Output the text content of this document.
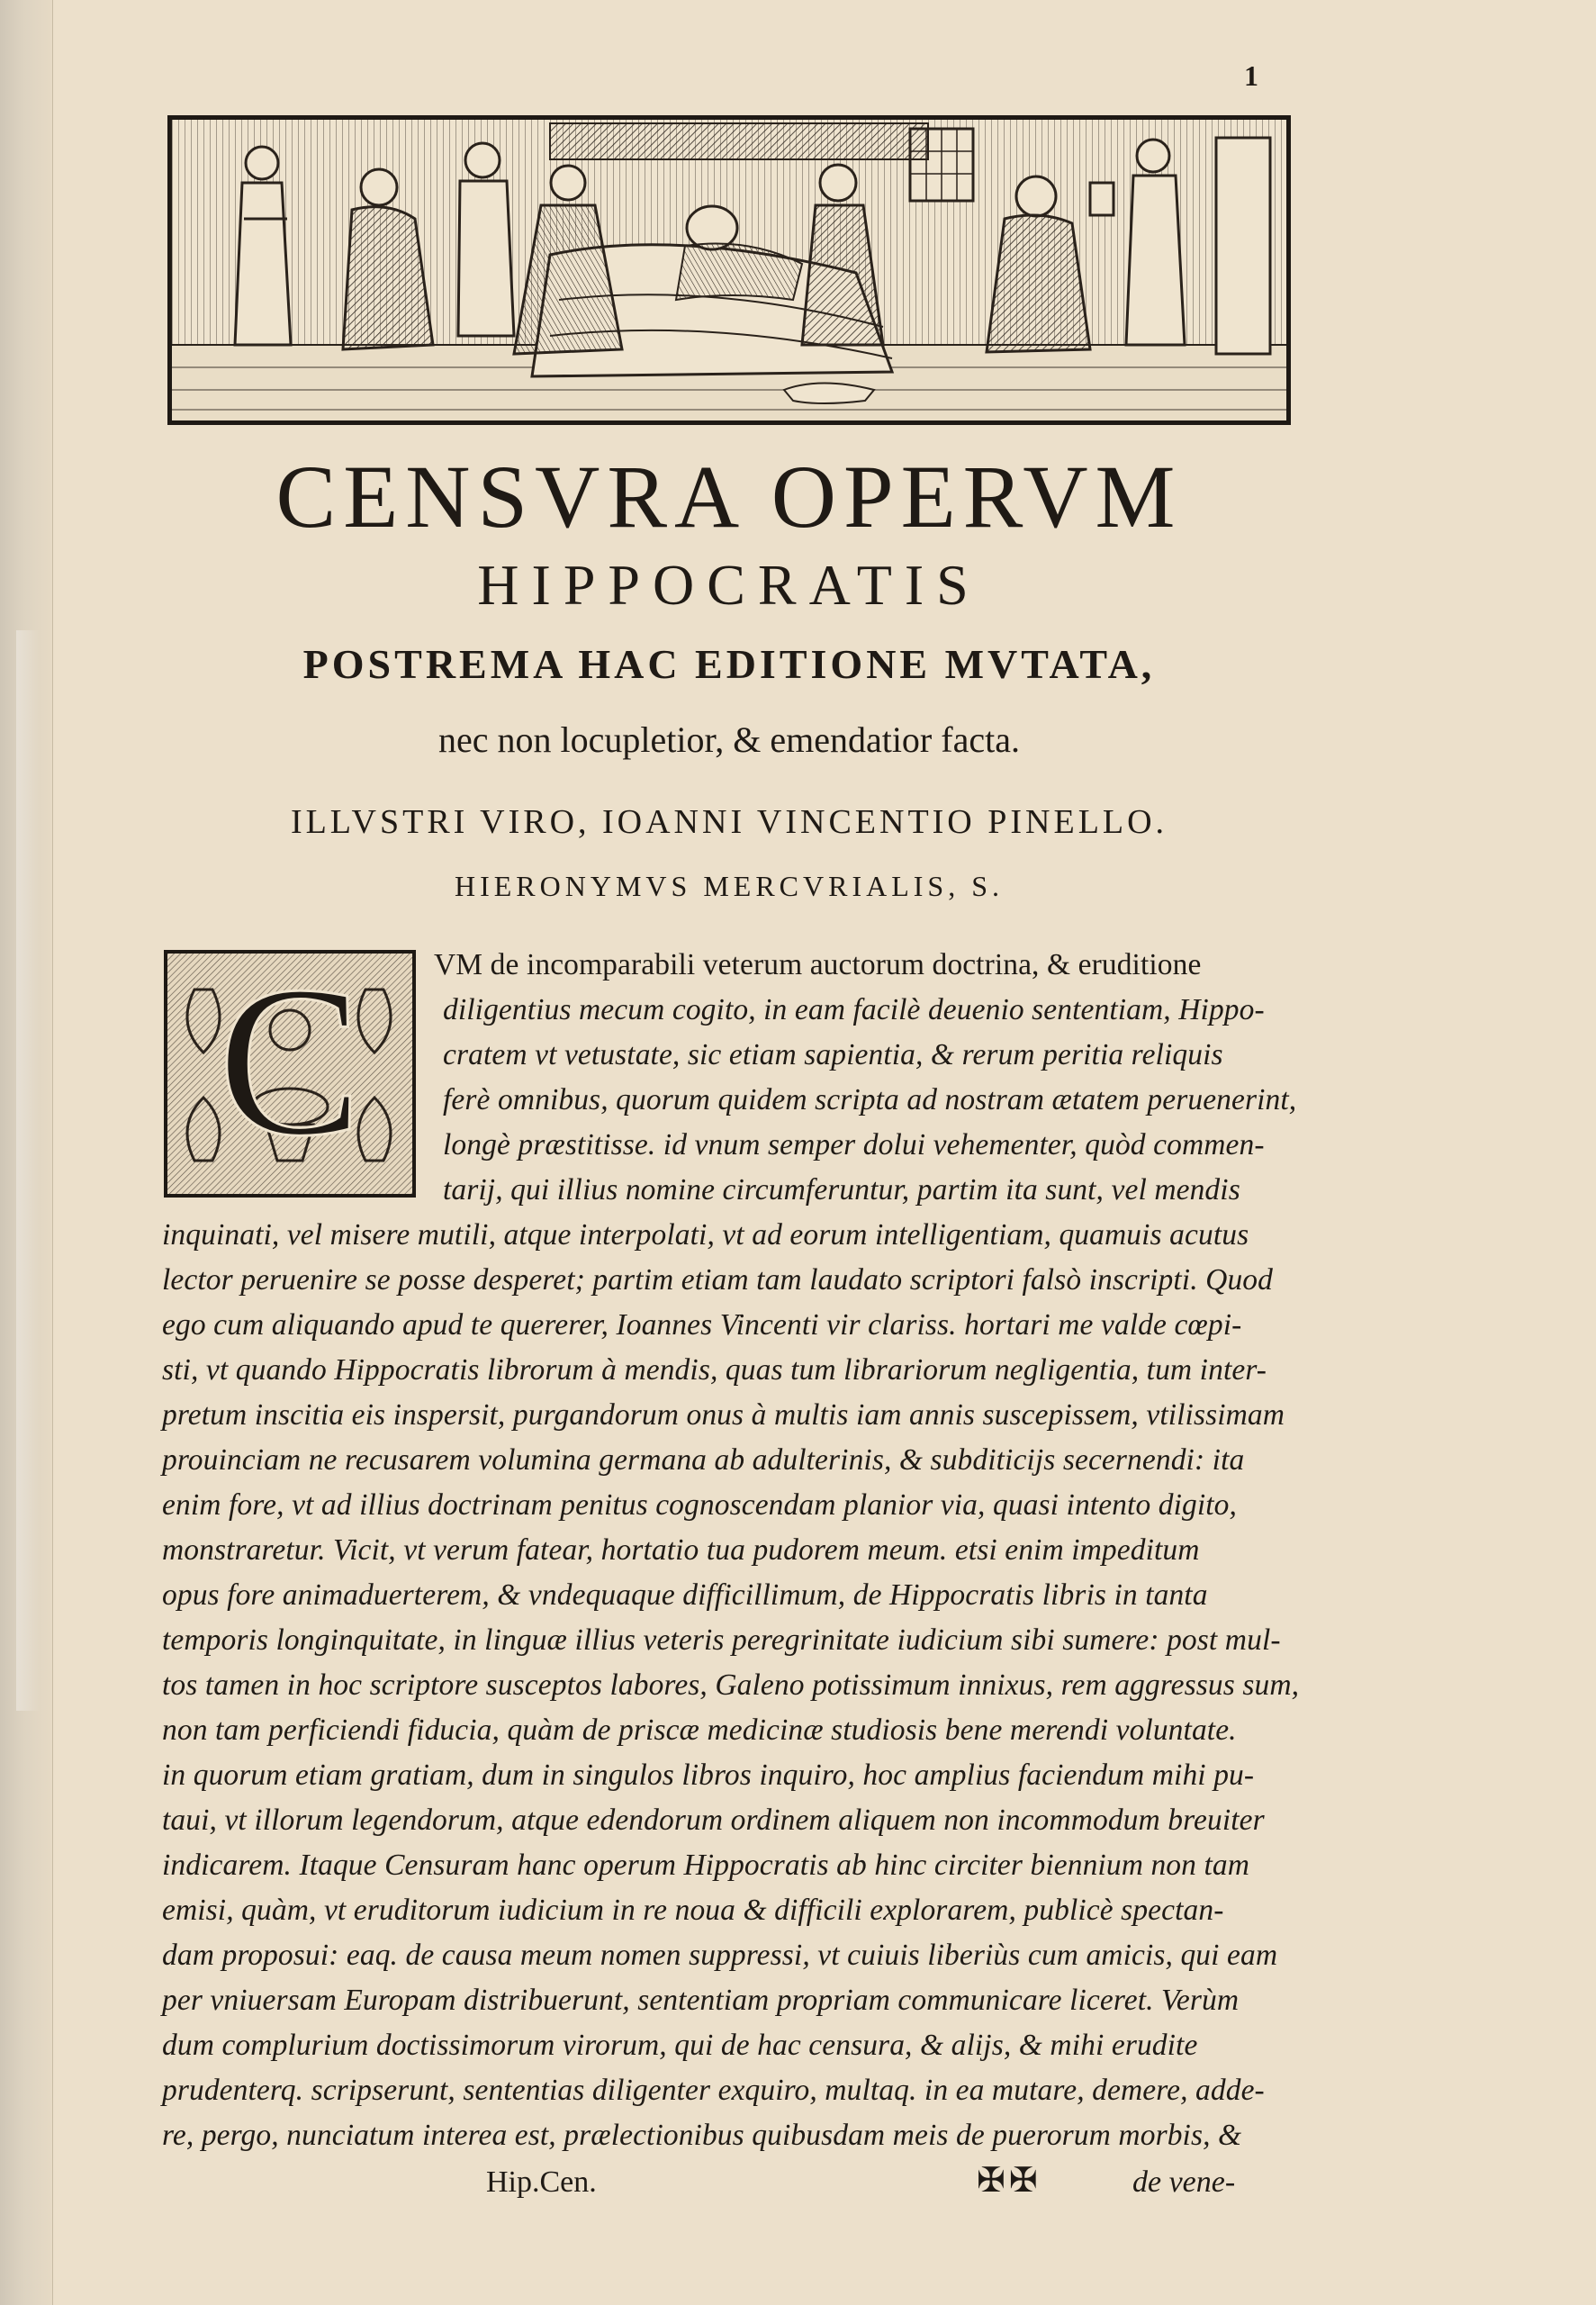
1
CENSVRA OPERVM
HIPPOCRATIS
POSTREMA HAC EDITIONE MVTATA,
nec non locupletior, & emendatior facta.
ILLVSTRI VIRO, IOANNI VINCENTIO PINELLO.
HIERONYMVS MERCVRIALIS, S.
C VM de incomparabili veterum auctorum doctrina, & eruditione
diligentius mecum cogito, in eam facilè deuenio sententiam, Hippo-
cratem vt vetustate, sic etiam sapientia, & rerum peritia reliquis
ferè omnibus, quorum quidem scripta ad nostram ætatem peruenerint,
longè præstitisse. id vnum semper dolui vehementer, quòd commen-
tarij, qui illius nomine circumferuntur, partim ita sunt, vel mendis
inquinati, vel misere mutili, atque interpolati, vt ad eorum intelligentiam, quamuis acutus
lector peruenire se posse desperet; partim etiam tam laudato scriptori falsò inscripti. Quod
ego cum aliquando apud te quererer, Ioannes Vincenti vir clariss. hortari me valde cœpi-
sti, vt quando Hippocratis librorum à mendis, quas tum librariorum negligentia, tum inter-
pretum inscitia eis inspersit, purgandorum onus à multis iam annis suscepissem, vtilissimam
prouinciam ne recusarem volumina germana ab adulterinis, & subditicijs secernendi: ita
enim fore, vt ad illius doctrinam penitus cognoscendam planior via, quasi intento digito,
monstraretur. Vicit, vt verum fatear, hortatio tua pudorem meum. etsi enim impeditum
opus fore animaduerterem, & vndequaque difficillimum, de Hippocratis libris in tanta
temporis longinquitate, in linguæ illius veteris peregrinitate iudicium sibi sumere: post mul-
tos tamen in hoc scriptore susceptos labores, Galeno potissimum innixus, rem aggressus sum,
non tam perficiendi fiducia, quàm de priscæ medicinæ studiosis bene merendi voluntate.
in quorum etiam gratiam, dum in singulos libros inquiro, hoc amplius faciendum mihi pu-
taui, vt illorum legendorum, atque edendorum ordinem aliquem non incommodum breuiter
indicarem. Itaque Censuram hanc operum Hippocratis ab hinc circiter biennium non tam
emisi, quàm, vt eruditorum iudicium in re noua & difficili explorarem, publicè spectan-
dam proposui: eaq. de causa meum nomen suppressi, vt cuiuis liberiùs cum amicis, qui eam
per vniuersam Europam distribuerunt, sententiam propriam communicare liceret. Verùm
dum complurium doctissimorum virorum, qui de hac censura, & alijs, & mihi erudite
prudenterq. scripserunt, sententias diligenter exquiro, multaq. in ea mutare, demere, adde-
re, pergo, nunciatum interea est, prælectionibus quibusdam meis de puerorum morbis, &
Hip.Cen.	✠✠	de vene-
